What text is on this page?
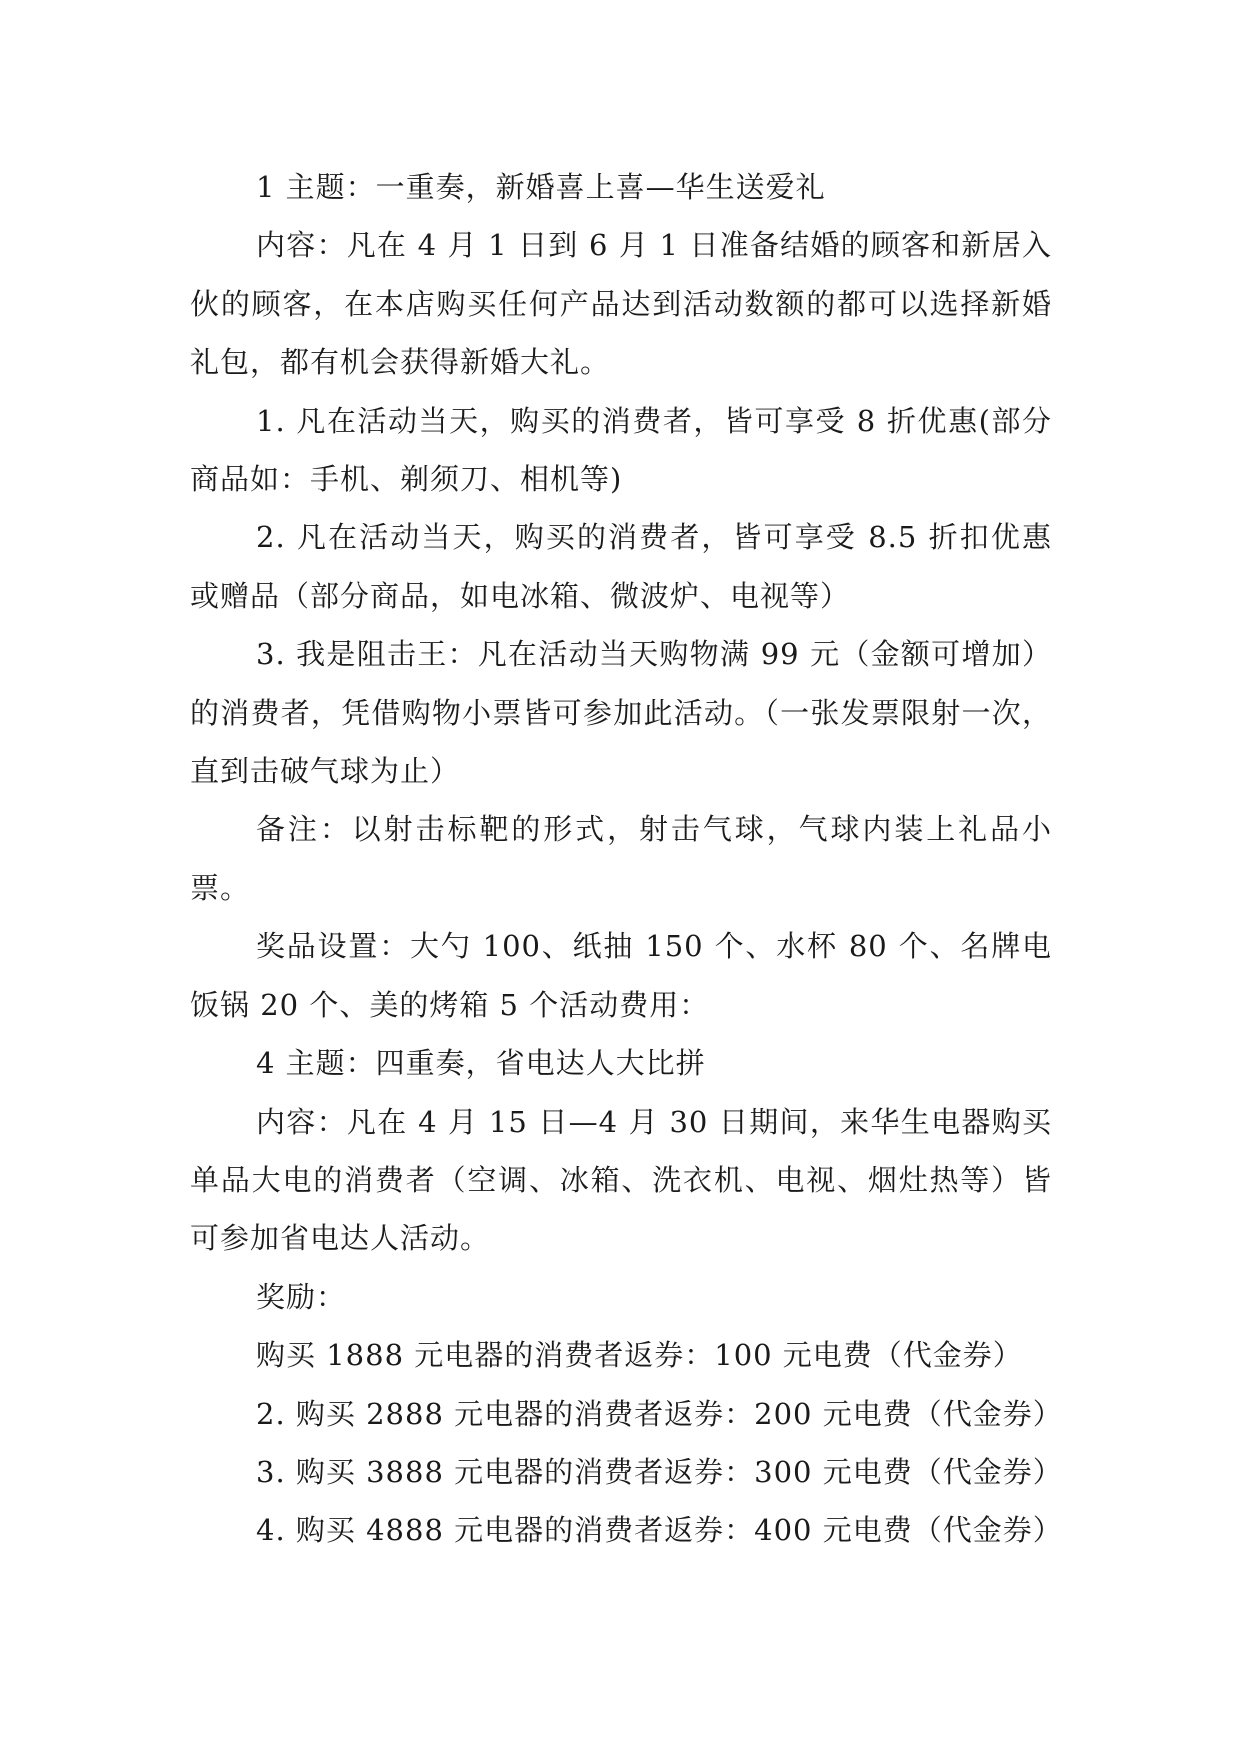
1 主题：一重奏，新婚喜上喜—华生送爱礼

内容：凡在 4 月 1 日到 6 月 1 日准备结婚的顾客和新居入伙的顾客，在本店购买任何产品达到活动数额的都可以选择新婚礼包，都有机会获得新婚大礼。

1. 凡在活动当天，购买的消费者，皆可享受 8 折优惠(部分商品如：手机、剃须刀、相机等)

2. 凡在活动当天，购买的消费者，皆可享受 8.5 折扣优惠或赠品（部分商品，如电冰箱、微波炉、电视等）

3. 我是阻击王：凡在活动当天购物满 99 元（金额可增加）的消费者，凭借购物小票皆可参加此活动。（一张发票限射一次，直到击破气球为止）

备注：以射击标靶的形式，射击气球，气球内装上礼品小票。

奖品设置：大勺 100、纸抽 150 个、水杯 80 个、名牌电饭锅 20 个、美的烤箱 5 个活动费用：

4 主题：四重奏，省电达人大比拼

内容：凡在 4 月 15 日—4 月 30 日期间，来华生电器购买单品大电的消费者（空调、冰箱、洗衣机、电视、烟灶热等）皆可参加省电达人活动。

奖励：

购买 1888 元电器的消费者返券：100 元电费（代金券）

2. 购买 2888 元电器的消费者返券：200 元电费（代金券）

3. 购买 3888 元电器的消费者返券：300 元电费（代金券）

4. 购买 4888 元电器的消费者返券：400 元电费（代金券）
